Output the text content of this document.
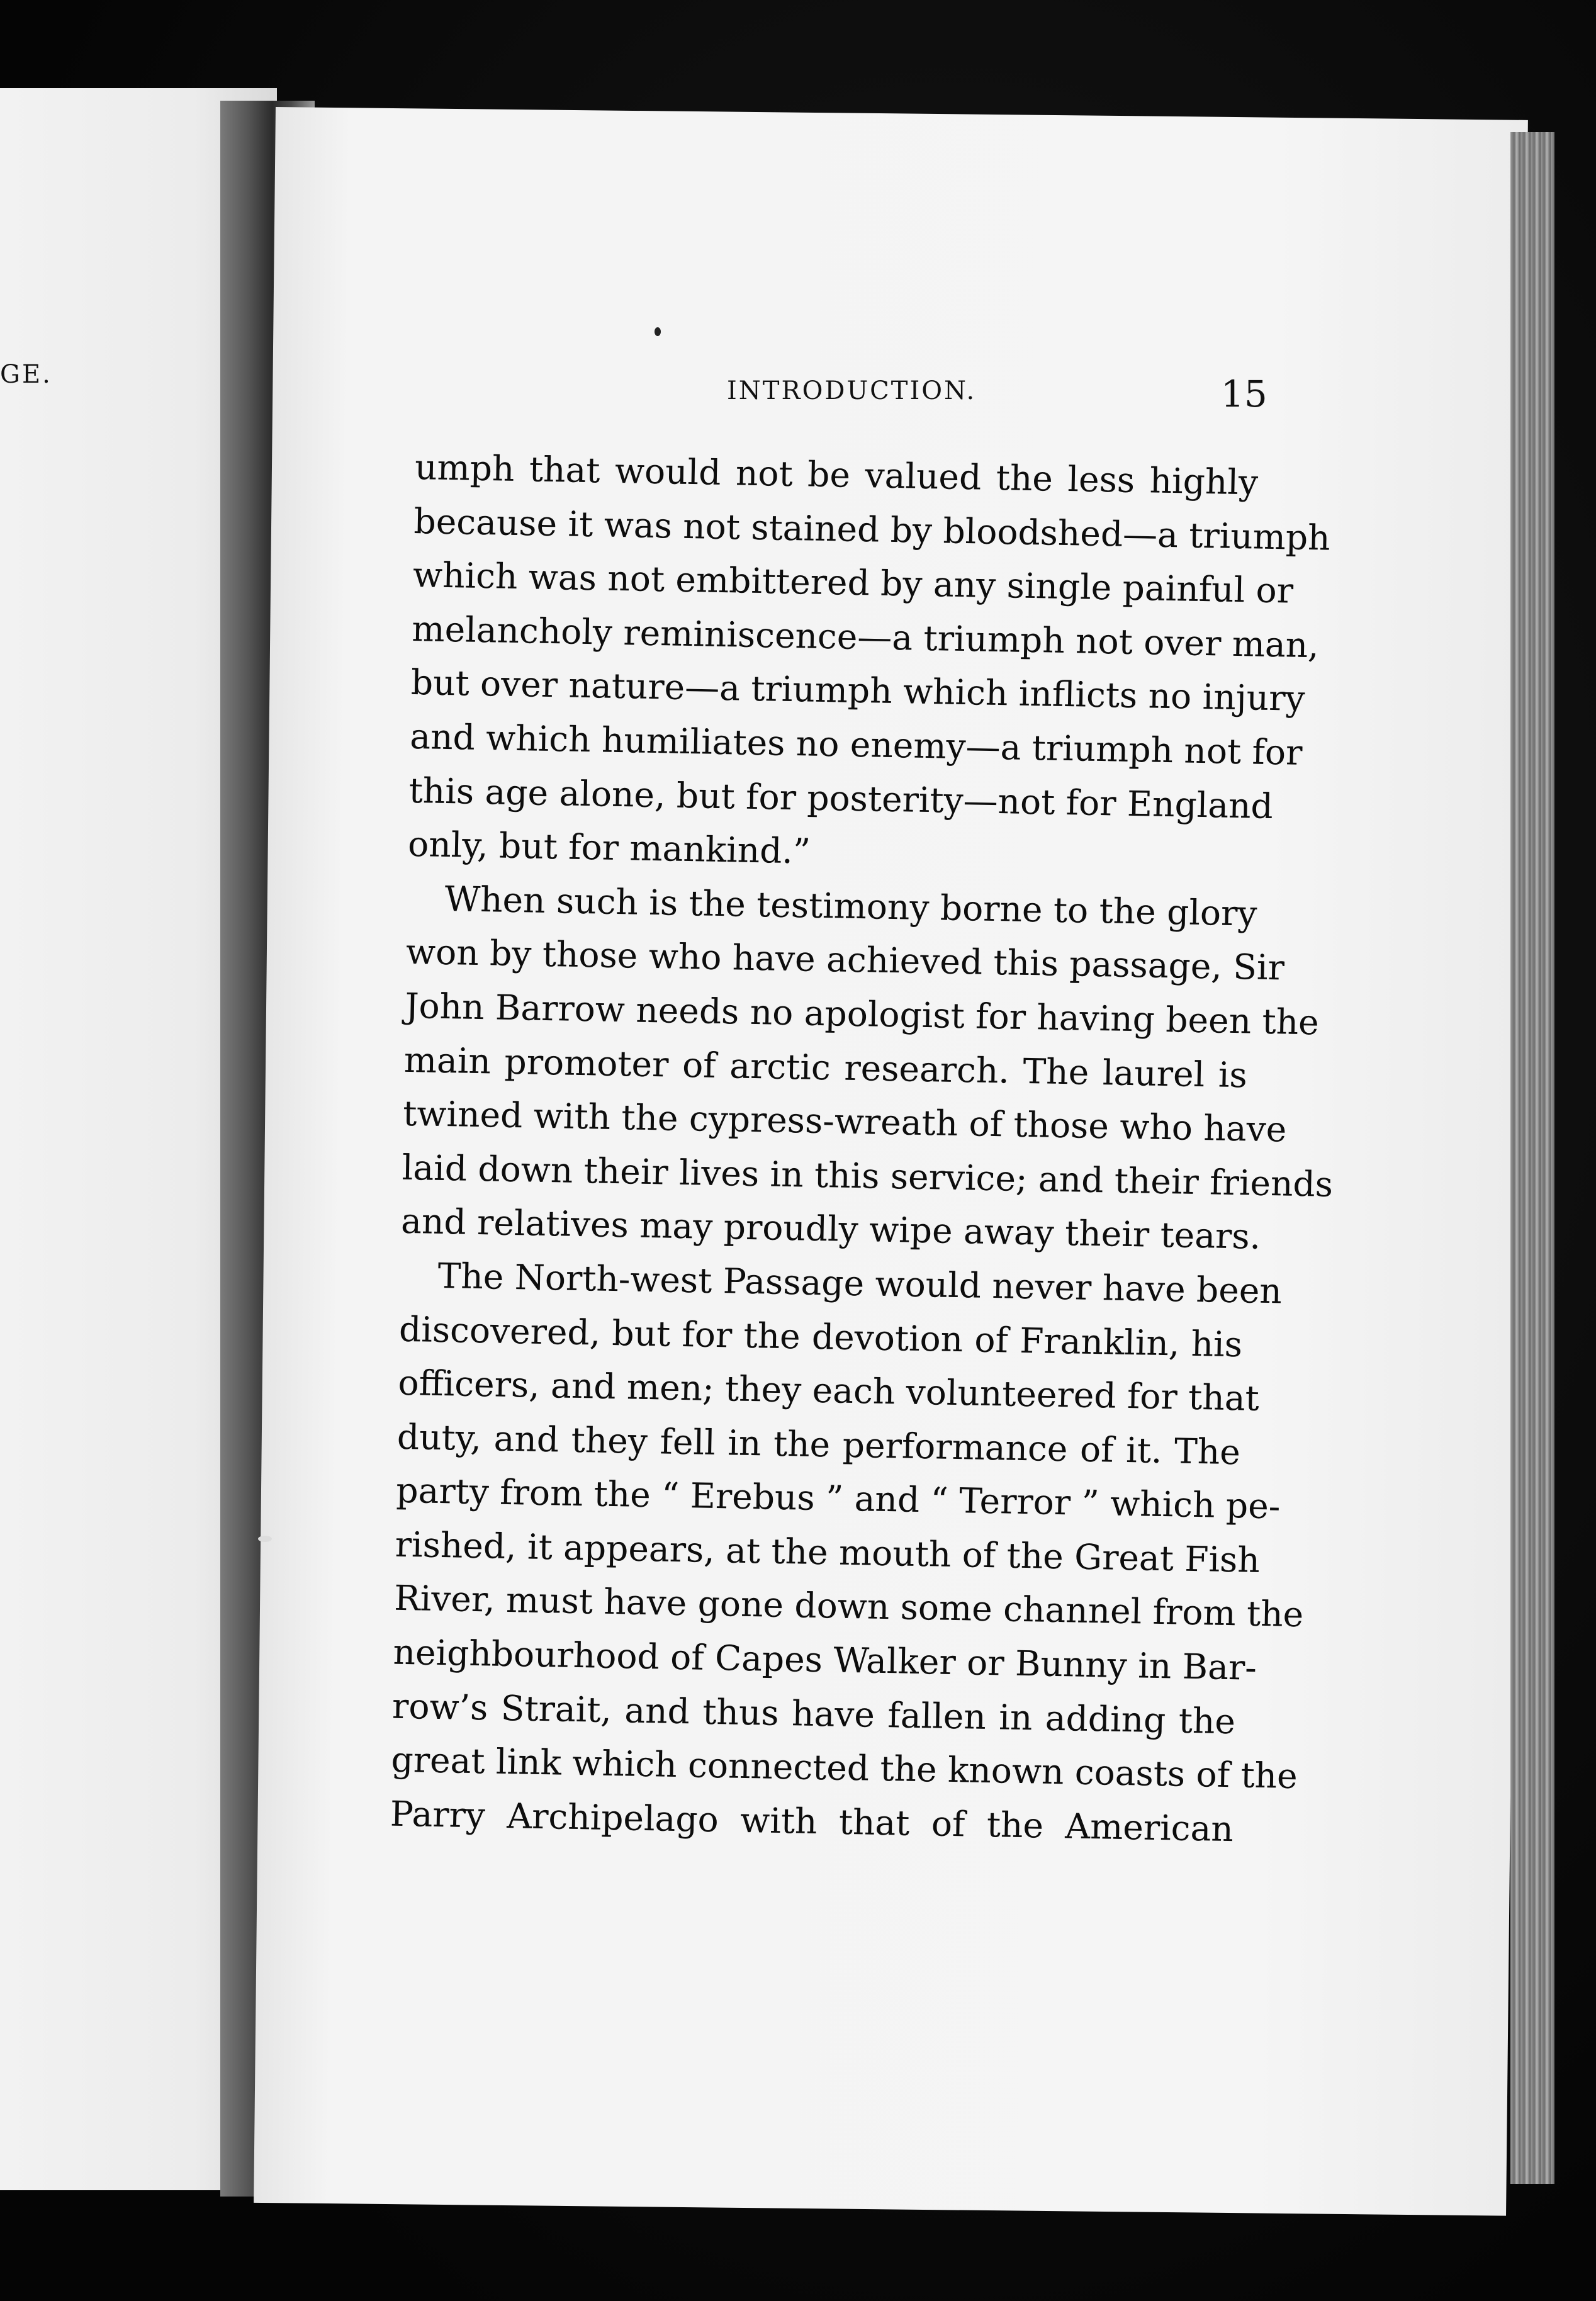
GE.
INTRODUCTION.	15
umph that would not be valued the less highly
because it was not stained by bloodshed—a triumph
which was not embittered by any single painful or
melancholy reminiscence—a triumph not over man,
but over nature—a triumph which inflicts no injury
and which humiliates no enemy—a triumph not for
this age alone, but for posterity—not for England
only, but for mankind.”
When such is the testimony borne to the glory
won by those who have achieved this passage, Sir
John Barrow needs no apologist for having been the
main promoter of arctic research. The laurel is
twined with the cypress-wreath of those who have
laid down their lives in this service; and their friends
and relatives may proudly wipe away their tears.
The North-west Passage would never have been
discovered, but for the devotion of Franklin, his
officers, and men; they each volunteered for that
duty, and they fell in the performance of it. The
party from the “ Erebus ” and “ Terror ” which pe-
rished, it appears, at the mouth of the Great Fish
River, must have gone down some channel from the
neighbourhood of Capes Walker or Bunny in Bar-
row’s Strait, and thus have fallen in adding the
great link which connected the known coasts of the
Parry Archipelago with that of the American
